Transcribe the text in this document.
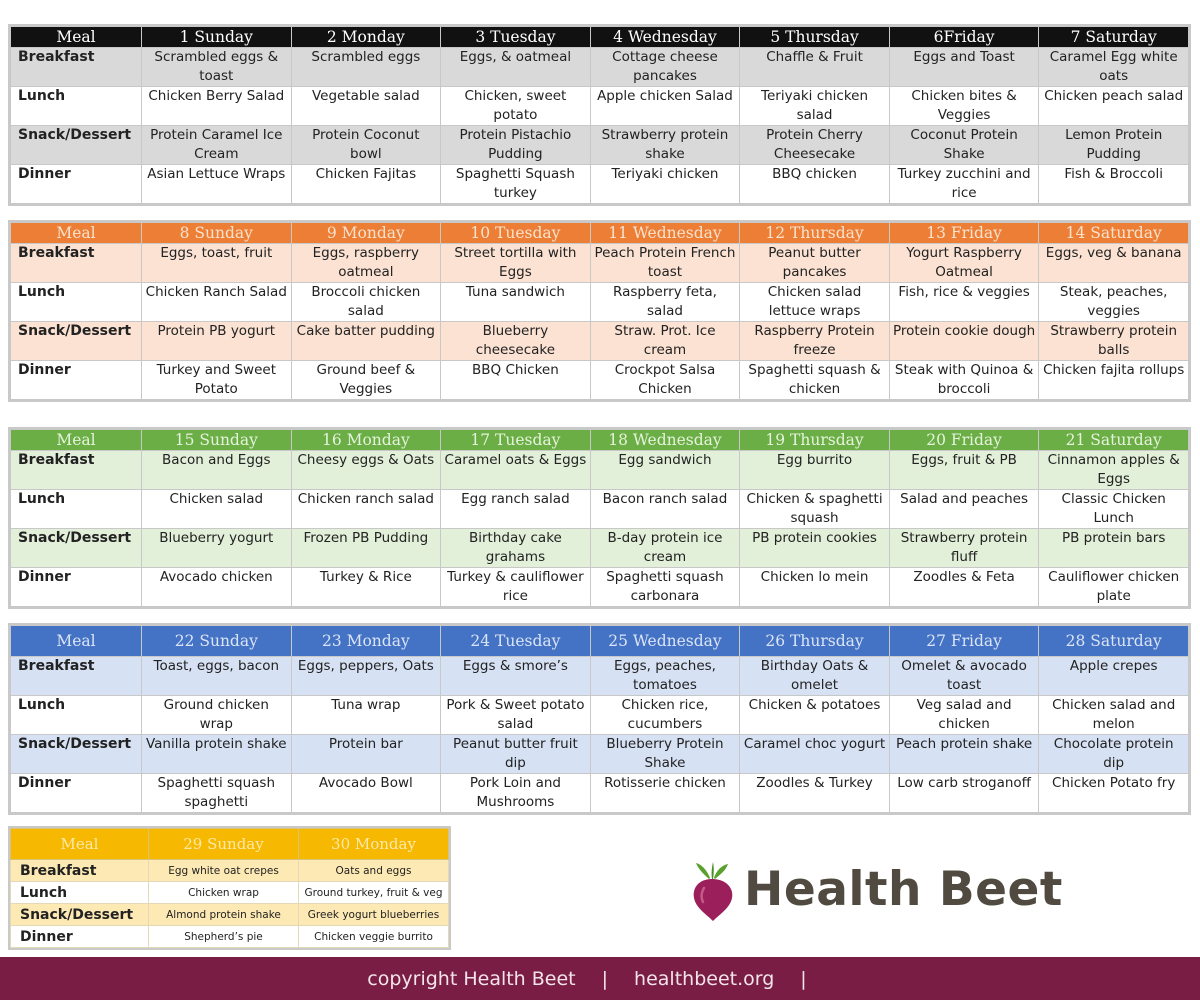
Meal	1 Sunday	2 Monday	3 Tuesday	4 Wednesday	5 Thursday	6Friday	7 Saturday
Breakfast	Scrambled eggs & toast	Scrambled eggs	Eggs, & oatmeal	Cottage cheese pancakes	Chaffle & Fruit	Eggs and Toast	Caramel Egg white oats
Lunch	Chicken Berry Salad	Vegetable salad	Chicken, sweet potato	Apple chicken Salad	Teriyaki chicken salad	Chicken bites & Veggies	Chicken peach salad
Snack/Dessert	Protein Caramel Ice Cream	Protein Coconut bowl	Protein Pistachio Pudding	Strawberry protein shake	Protein Cherry Cheesecake	Coconut Protein Shake	Lemon Protein Pudding
Dinner	Asian Lettuce Wraps	Chicken Fajitas	Spaghetti Squash turkey	Teriyaki chicken	BBQ chicken	Turkey zucchini and rice	Fish & Broccoli
Meal	8 Sunday	9 Monday	10 Tuesday	11 Wednesday	12 Thursday	13 Friday	14 Saturday
Breakfast	Eggs, toast, fruit	Eggs, raspberry oatmeal	Street tortilla with Eggs	Peach Protein French toast	Peanut butter pancakes	Yogurt Raspberry Oatmeal	Eggs, veg & banana
Lunch	Chicken Ranch Salad	Broccoli chicken salad	Tuna sandwich	Raspberry feta, salad	Chicken salad lettuce wraps	Fish, rice & veggies	Steak, peaches, veggies
Snack/Dessert	Protein PB yogurt	Cake batter pudding	Blueberry cheesecake	Straw. Prot. Ice cream	Raspberry Protein freeze	Protein cookie dough	Strawberry protein balls
Dinner	Turkey and Sweet Potato	Ground beef & Veggies	BBQ Chicken	Crockpot Salsa Chicken	Spaghetti squash & chicken	Steak with Quinoa & broccoli	Chicken fajita rollups
Meal	15 Sunday	16 Monday	17 Tuesday	18 Wednesday	19 Thursday	20 Friday	21 Saturday
Breakfast	Bacon and Eggs	Cheesy eggs & Oats	Caramel oats & Eggs	Egg sandwich	Egg burrito	Eggs, fruit & PB	Cinnamon apples & Eggs
Lunch	Chicken salad	Chicken ranch salad	Egg ranch salad	Bacon ranch salad	Chicken & spaghetti squash	Salad and peaches	Classic Chicken Lunch
Snack/Dessert	Blueberry yogurt	Frozen PB Pudding	Birthday cake grahams	B-day protein ice cream	PB protein cookies	Strawberry protein fluff	PB protein bars
Dinner	Avocado chicken	Turkey & Rice	Turkey & cauliflower rice	Spaghetti squash carbonara	Chicken lo mein	Zoodles & Feta	Cauliflower chicken plate
Meal	22 Sunday	23 Monday	24 Tuesday	25 Wednesday	26 Thursday	27 Friday	28 Saturday
Breakfast	Toast, eggs, bacon	Eggs, peppers, Oats	Eggs & smore’s	Eggs, peaches, tomatoes	Birthday Oats & omelet	Omelet & avocado toast	Apple crepes
Lunch	Ground chicken wrap	Tuna wrap	Pork & Sweet potato salad	Chicken rice, cucumbers	Chicken & potatoes	Veg salad and chicken	Chicken salad and melon
Snack/Dessert	Vanilla protein shake	Protein bar	Peanut butter fruit dip	Blueberry Protein Shake	Caramel choc yogurt	Peach protein shake	Chocolate protein dip
Dinner	Spaghetti squash spaghetti	Avocado Bowl	Pork Loin and Mushrooms	Rotisserie chicken	Zoodles & Turkey	Low carb stroganoff	Chicken Potato fry
Meal	29 Sunday	30 Monday
Breakfast	Egg white oat crepes	Oats and eggs
Lunch	Chicken wrap	Ground turkey, fruit & veg
Snack/Dessert	Almond protein shake	Greek yogurt blueberries
Dinner	Shepherd’s pie	Chicken veggie burrito
Health Beet
copyright Health Beet | healthbeet.org |
